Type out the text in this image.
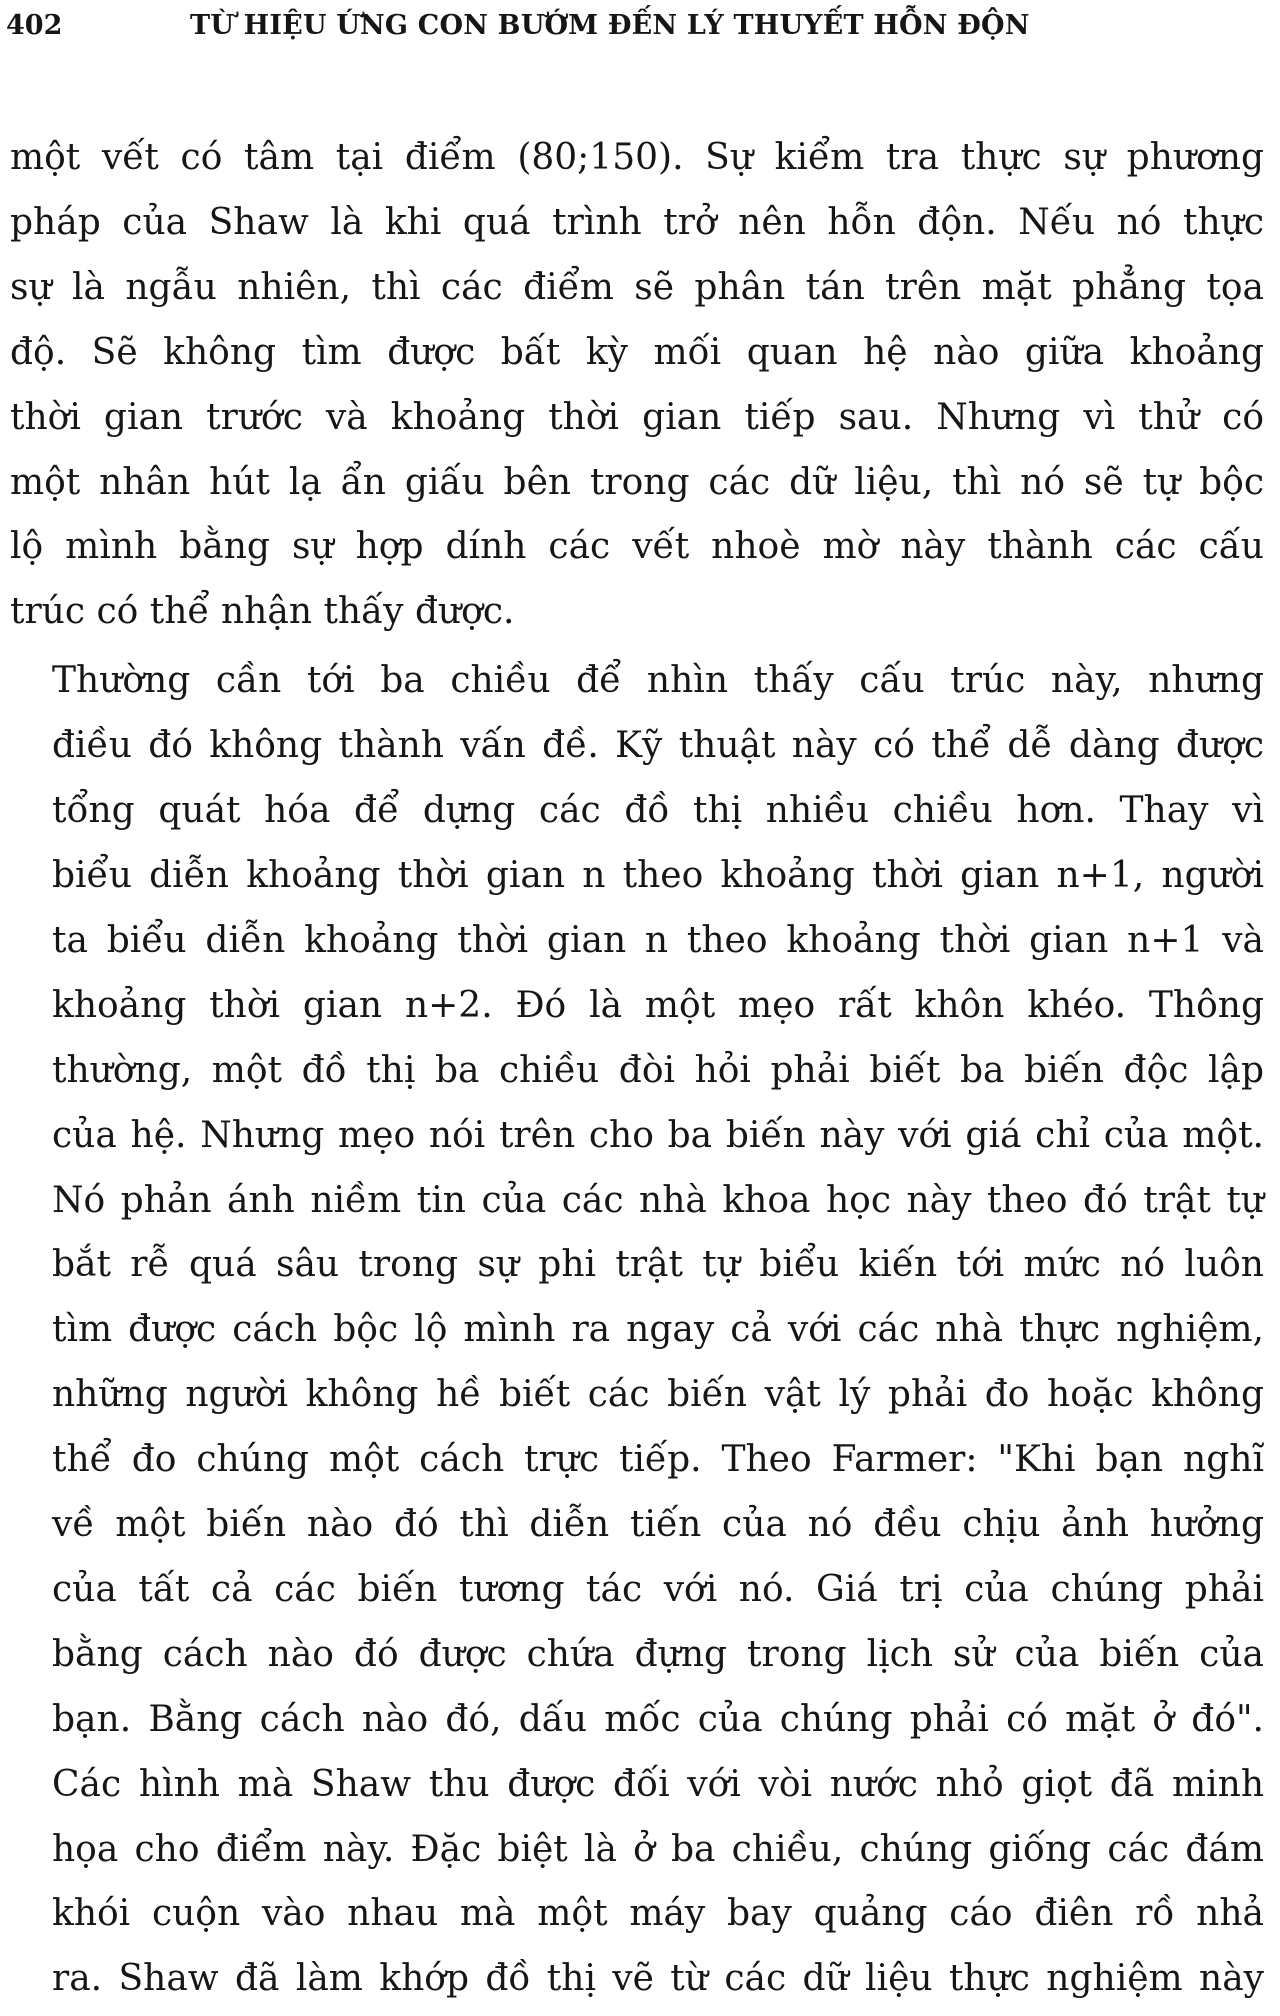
402	TỪ HIỆU ỨNG CON BƯỚM ĐẾN LÝ THUYẾT HỖN ĐỘN

một vết có tâm tại điểm (80;150). Sự kiểm tra thực sự phương
pháp của Shaw là khi quá trình trở nên hỗn độn. Nếu nó thực
sự là ngẫu nhiên, thì các điểm sẽ phân tán trên mặt phẳng tọa
độ. Sẽ không tìm được bất kỳ mối quan hệ nào giữa khoảng
thời gian trước và khoảng thời gian tiếp sau. Nhưng vì thử có
một nhân hút lạ ẩn giấu bên trong các dữ liệu, thì nó sẽ tự bộc
lộ mình bằng sự hợp dính các vết nhoè mờ này thành các cấu
trúc có thể nhận thấy được.

Thường cần tới ba chiều để nhìn thấy cấu trúc này, nhưng
điều đó không thành vấn đề. Kỹ thuật này có thể dễ dàng được
tổng quát hóa để dựng các đồ thị nhiều chiều hơn. Thay vì
biểu diễn khoảng thời gian n theo khoảng thời gian n+1, người
ta biểu diễn khoảng thời gian n theo khoảng thời gian n+1 và
khoảng thời gian n+2. Đó là một mẹo rất khôn khéo. Thông
thường, một đồ thị ba chiều đòi hỏi phải biết ba biến độc lập
của hệ. Nhưng mẹo nói trên cho ba biến này với giá chỉ của một.
Nó phản ánh niềm tin của các nhà khoa học này theo đó trật tự
bắt rễ quá sâu trong sự phi trật tự biểu kiến tới mức nó luôn
tìm được cách bộc lộ mình ra ngay cả với các nhà thực nghiệm,
những người không hề biết các biến vật lý phải đo hoặc không
thể đo chúng một cách trực tiếp. Theo Farmer: "Khi bạn nghĩ
về một biến nào đó thì diễn tiến của nó đều chịu ảnh hưởng
của tất cả các biến tương tác với nó. Giá trị của chúng phải
bằng cách nào đó được chứa đựng trong lịch sử của biến của
bạn. Bằng cách nào đó, dấu mốc của chúng phải có mặt ở đó".
Các hình mà Shaw thu được đối với vòi nước nhỏ giọt đã minh
họa cho điểm này. Đặc biệt là ở ba chiều, chúng giống các đám
khói cuộn vào nhau mà một máy bay quảng cáo điên rồ nhả
ra. Shaw đã làm khớp đồ thị vẽ từ các dữ liệu thực nghiệm này
